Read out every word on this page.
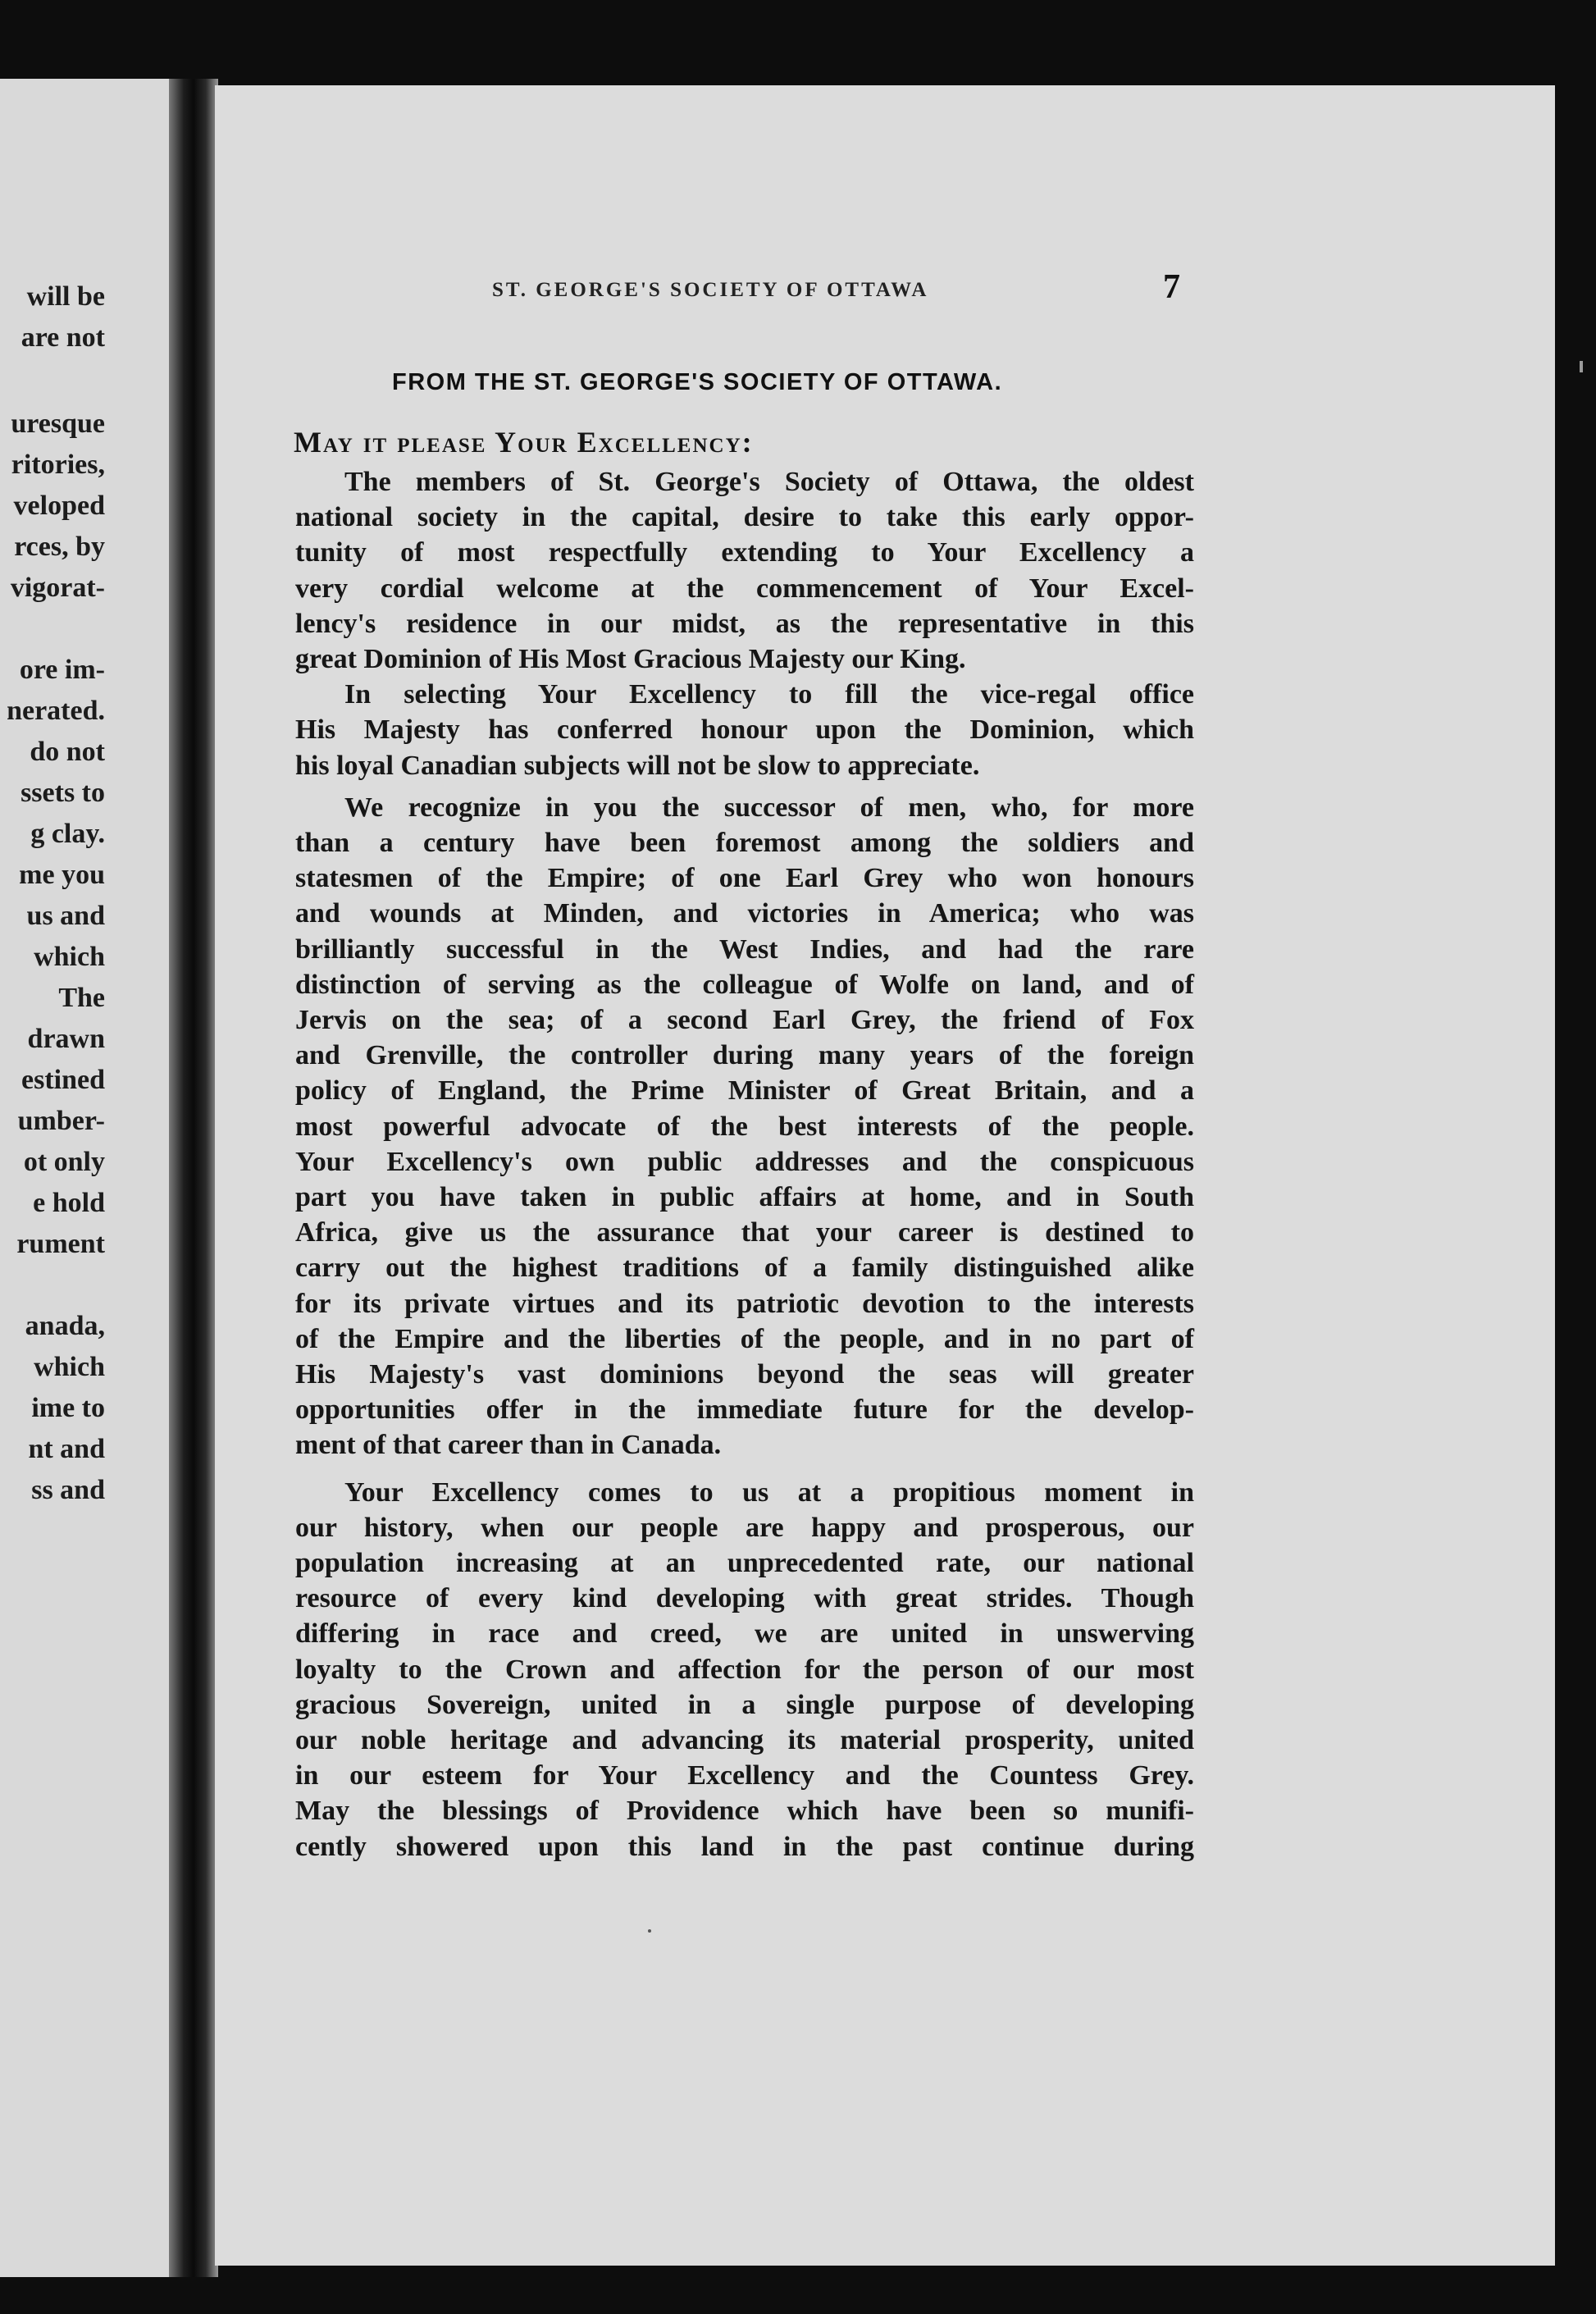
will be
are not
uresque
ritories,
veloped
rces, by
vigorat-
ore im-
nerated.
do not
ssets to
g clay.
me you
us and
which
The
drawn
estined
umber-
ot only
e hold
rument
anada,
which
ime to
nt and
ss and
ST. GEORGE'S SOCIETY OF OTTAWA	7
FROM THE ST. GEORGE'S SOCIETY OF OTTAWA.
May it please Your Excellency:
The members of St. George's Society of Ottawa, the oldest
national society in the capital, desire to take this early oppor-
tunity of most respectfully extending to Your Excellency a
very cordial welcome at the commencement of Your Excel-
lency's residence in our midst, as the representative in this
great Dominion of His Most Gracious Majesty our King.
In selecting Your Excellency to fill the vice-regal office
His Majesty has conferred honour upon the Dominion, which
his loyal Canadian subjects will not be slow to appreciate.
We recognize in you the successor of men, who, for more
than a century have been foremost among the soldiers and
statesmen of the Empire; of one Earl Grey who won honours
and wounds at Minden, and victories in America; who was
brilliantly successful in the West Indies, and had the rare
distinction of serving as the colleague of Wolfe on land, and of
Jervis on the sea; of a second Earl Grey, the friend of Fox
and Grenville, the controller during many years of the foreign
policy of England, the Prime Minister of Great Britain, and a
most powerful advocate of the best interests of the people.
Your Excellency's own public addresses and the conspicuous
part you have taken in public affairs at home, and in South
Africa, give us the assurance that your career is destined to
carry out the highest traditions of a family distinguished alike
for its private virtues and its patriotic devotion to the interests
of the Empire and the liberties of the people, and in no part of
His Majesty's vast dominions beyond the seas will greater
opportunities offer in the immediate future for the develop-
ment of that career than in Canada.
Your Excellency comes to us at a propitious moment in
our history, when our people are happy and prosperous, our
population increasing at an unprecedented rate, our national
resource of every kind developing with great strides. Though
differing in race and creed, we are united in unswerving
loyalty to the Crown and affection for the person of our most
gracious Sovereign, united in a single purpose of developing
our noble heritage and advancing its material prosperity, united
in our esteem for Your Excellency and the Countess Grey.
May the blessings of Providence which have been so munifi-
cently showered upon this land in the past continue during
